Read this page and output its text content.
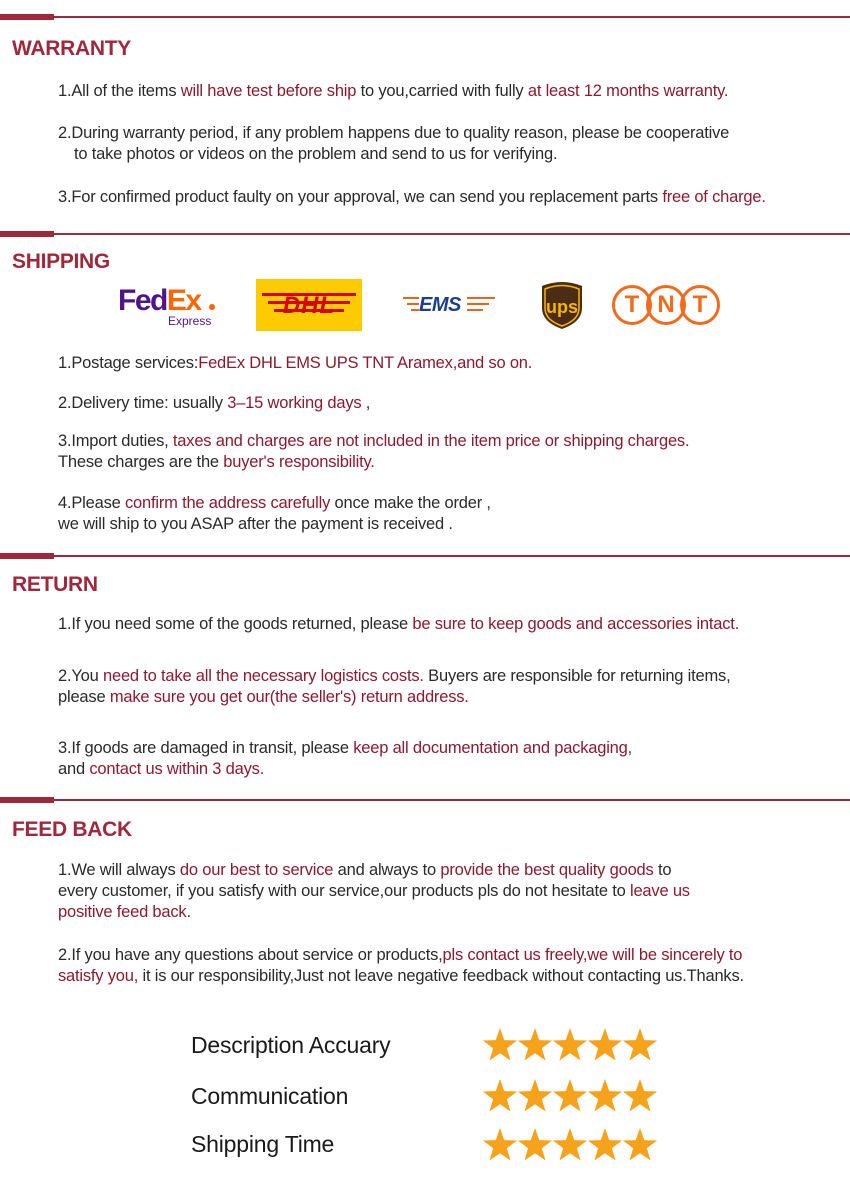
WARRANTY

1.All of the items will have test before ship to you,carried with fully at least 12 months warranty.

2.During warranty period, if any problem happens due to quality reason, please be cooperative
to take photos or videos on the problem and send to us for verifying.

3.For confirmed product faulty on your approval, we can send you replacement parts free of charge.

SHIPPING
FedEx
Express
DHL	EMS	ups	T N T

1.Postage services:FedEx DHL EMS UPS TNT Aramex,and so on.

2.Delivery time: usually 3‒15 working days ,

3.Import duties, taxes and charges are not included in the item price or shipping charges.
These charges are the buyer's responsibility.

4.Please confirm the address carefully once make the order ,
we will ship to you ASAP after the payment is received .

RETURN

1.If you need some of the goods returned, please be sure to keep goods and accessories intact.

2.You need to take all the necessary logistics costs. Buyers are responsible for returning items,
please make sure you get our(the seller's) return address.

3.If goods are damaged in transit, please keep all documentation and packaging,
and contact us within 3 days.

FEED BACK

1.We will always do our best to service and always to provide the best quality goods to
every customer, if you satisfy with our service,our products pls do not hesitate to leave us
positive feed back.

2.If you have any questions about service or products,pls contact us freely,we will be sincerely to
satisfy you, it is our responsibility,Just not leave negative feedback without contacting us.Thanks.

Description Accuary

Communication

Shipping Time
